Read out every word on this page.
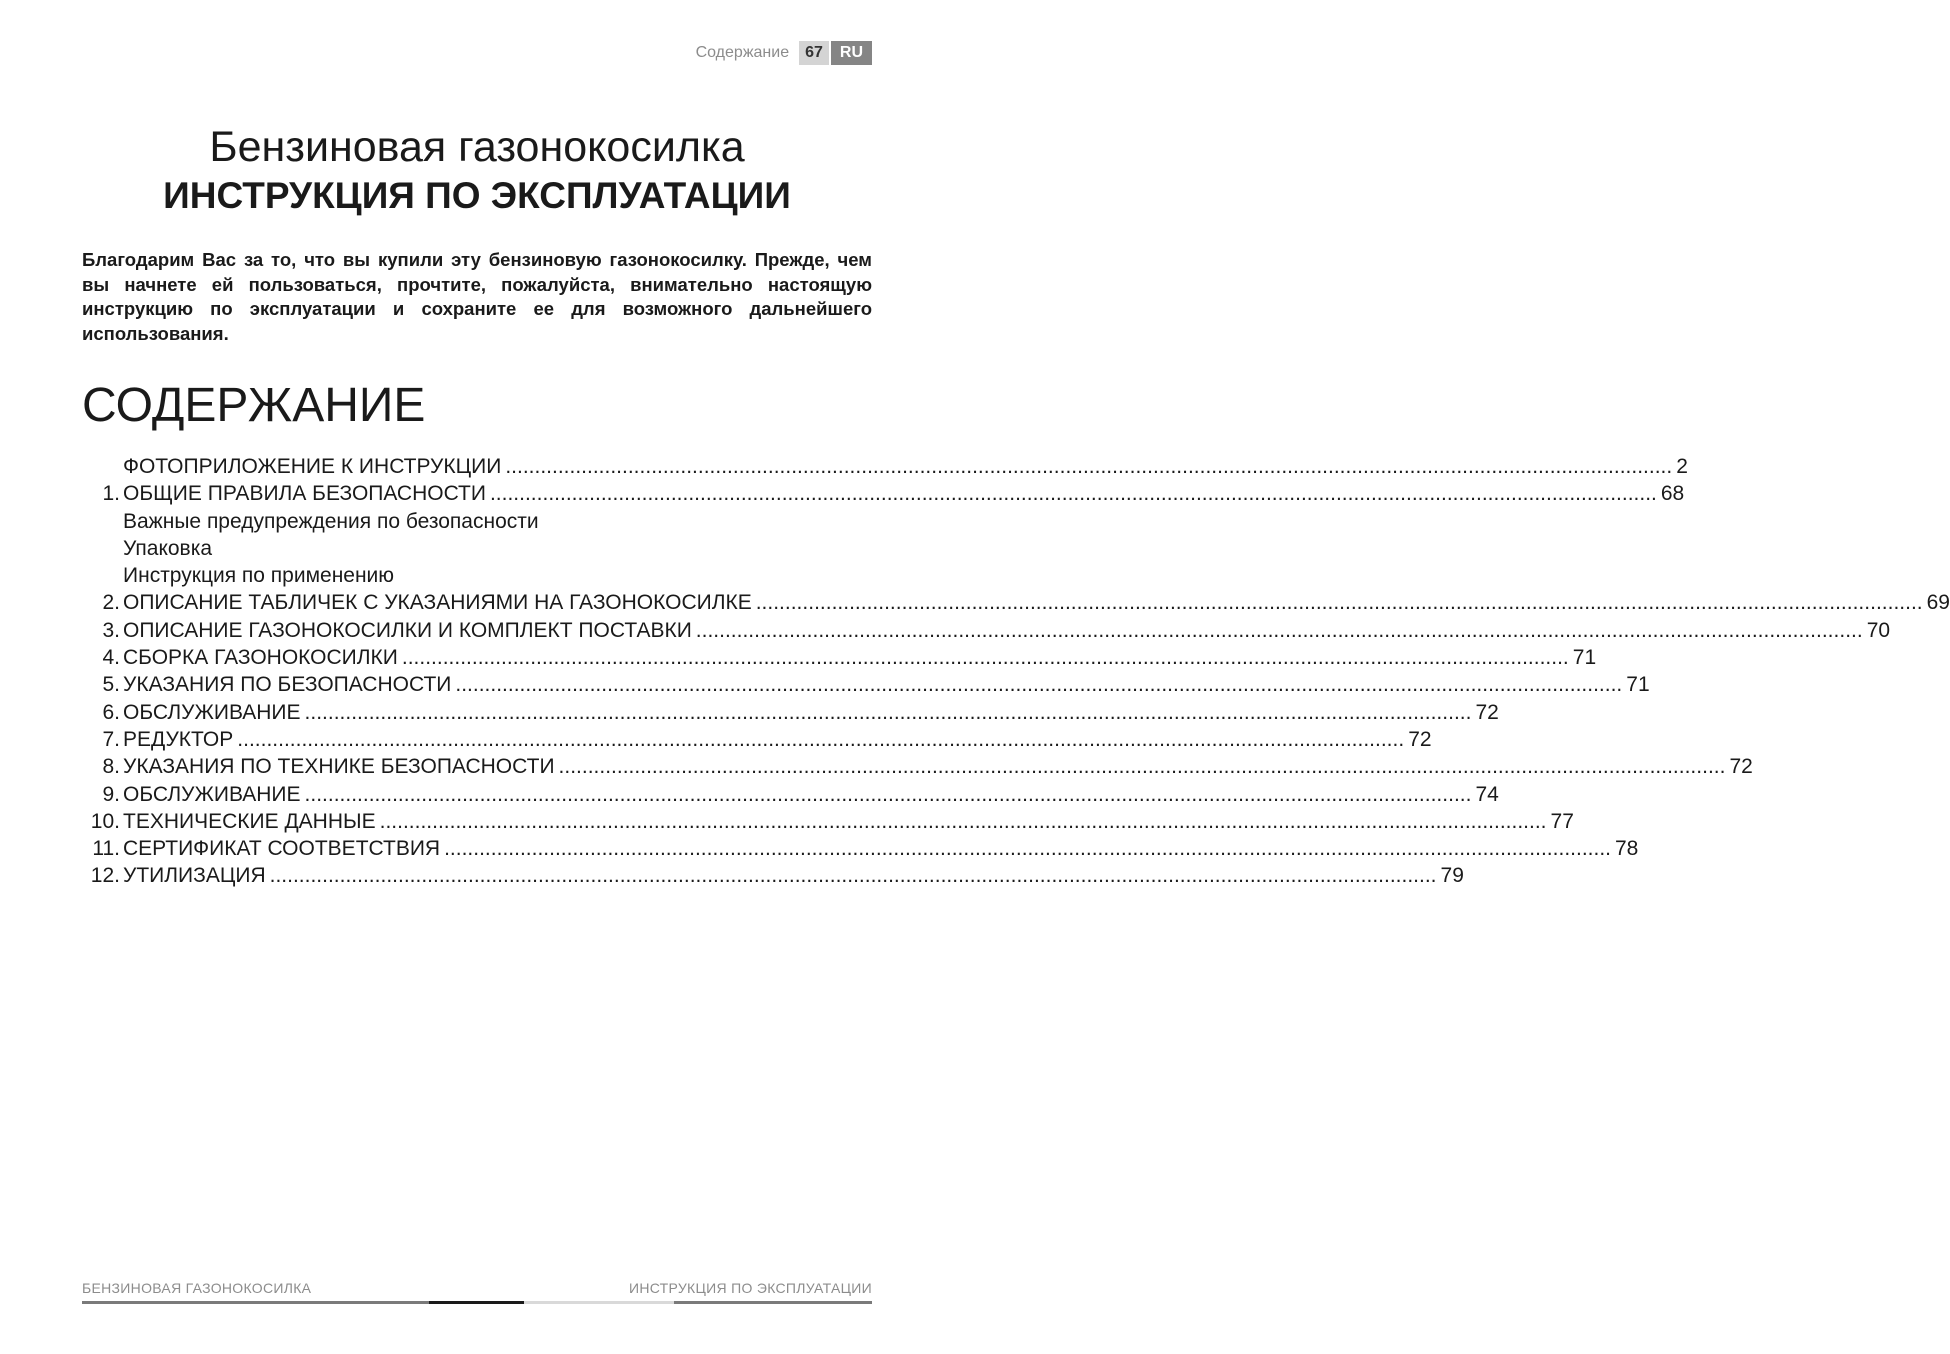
Содержание	67	RU
Бензиновая газонокосилка
ИНСТРУКЦИЯ ПО ЭКСПЛУАТАЦИИ
Благодарим Вас за то, что вы купили эту бензиновую газонокосилку. Прежде, чем вы начнете ей пользоваться, прочтите, пожалуйста, внимательно настоящую инструкцию по эксплуатации и сохраните ее для возможного дальнейшего использования.
СОДЕРЖАНИЕ
ФОТОПРИЛОЖЕНИЕ К ИНСТРУКЦИИ ........................................................................................................................................................................................................ 2
1. ОБЩИЕ ПРАВИЛА БЕЗОПАСНОСТИ ........................................................................................................................................................................................................ 68
Важные предупреждения по безопасности
Упаковка
Инструкция по применению
2. ОПИСАНИЕ ТАБЛИЧЕК С УКАЗАНИЯМИ НА ГАЗОНОКОСИЛКЕ ........................................................................................................................................................................................................ 69
3. ОПИСАНИЕ ГАЗОНОКОСИЛКИ И КОМПЛЕКТ ПОСТАВКИ ........................................................................................................................................................................................................ 70
4. СБОРКА ГАЗОНОКОСИЛКИ ........................................................................................................................................................................................................ 71
5. УКАЗАНИЯ ПО БЕЗОПАСНОСТИ ........................................................................................................................................................................................................ 71
6. ОБСЛУЖИВАНИЕ ........................................................................................................................................................................................................ 72
7. РЕДУКТОР ........................................................................................................................................................................................................ 72
8. УКАЗАНИЯ ПО ТЕХНИКЕ БЕЗОПАСНОСТИ ........................................................................................................................................................................................................ 72
9. ОБСЛУЖИВАНИЕ ........................................................................................................................................................................................................ 74
10. ТЕХНИЧЕСКИЕ ДАННЫЕ ........................................................................................................................................................................................................ 77
11. СЕРТИФИКАТ СООТВЕТСТВИЯ ........................................................................................................................................................................................................ 78
12. УТИЛИЗАЦИЯ ........................................................................................................................................................................................................ 79
БЕНЗИНОВАЯ ГАЗОНОКОСИЛКА	ИНСТРУКЦИЯ ПО ЭКСПЛУАТАЦИИ
